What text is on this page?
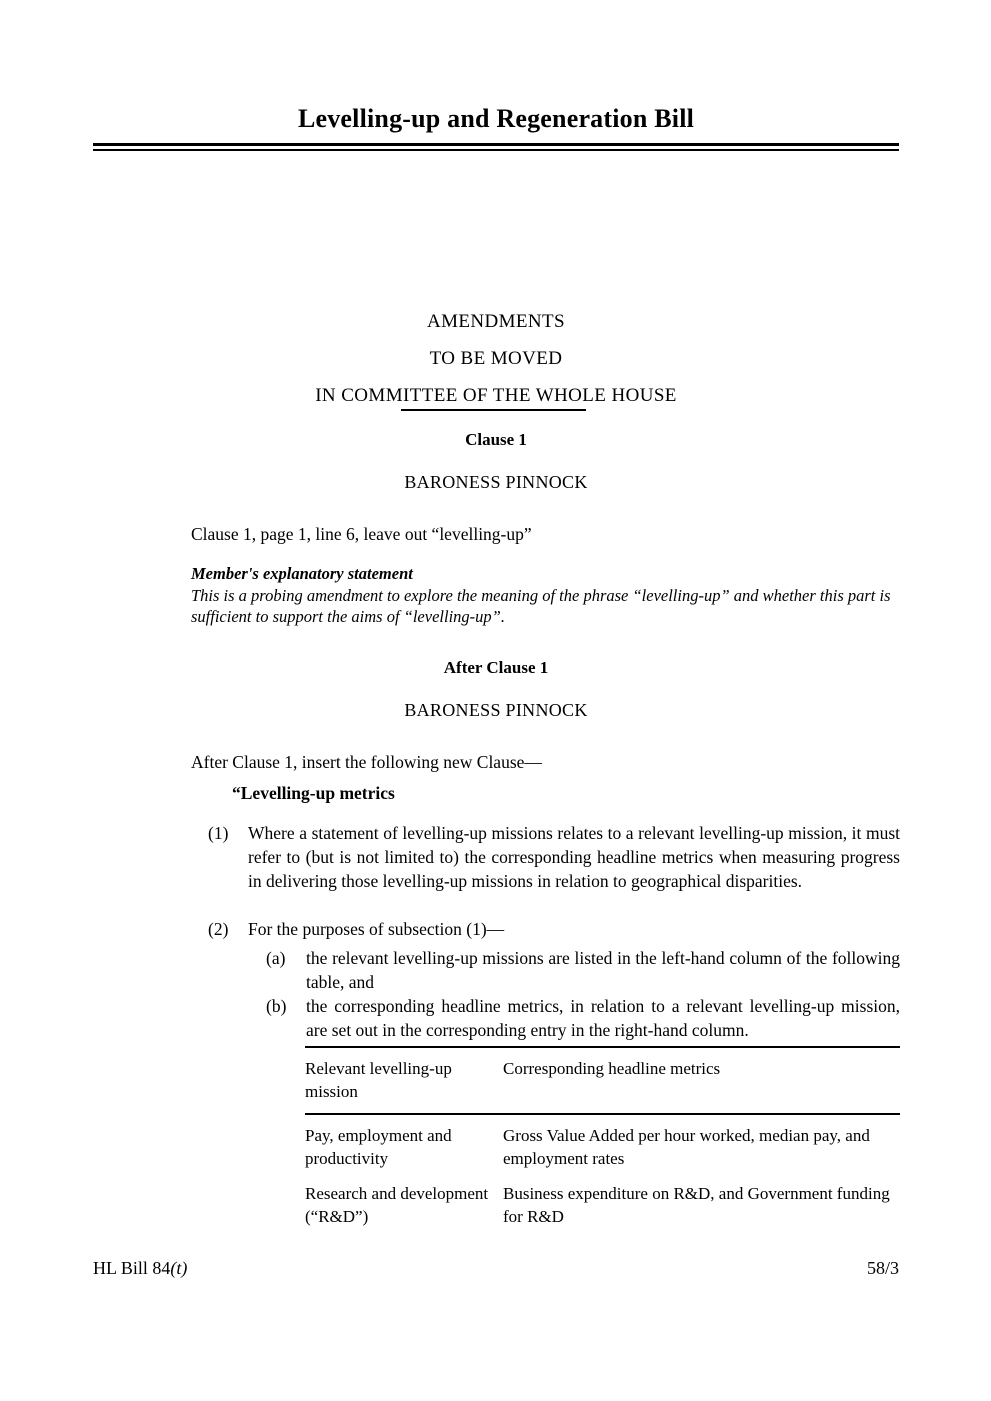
Levelling-up and Regeneration Bill
AMENDMENTS
TO BE MOVED
IN COMMITTEE OF THE WHOLE HOUSE
Clause 1
BARONESS PINNOCK
Clause 1, page 1, line 6, leave out “levelling-up”
Member's explanatory statement
This is a probing amendment to explore the meaning of the phrase “levelling-up” and whether this part is sufficient to support the aims of “levelling-up”.
After Clause 1
BARONESS PINNOCK
After Clause 1, insert the following new Clause—
“Levelling-up metrics
(1)	Where a statement of levelling-up missions relates to a relevant levelling-up mission, it must refer to (but is not limited to) the corresponding headline metrics when measuring progress in delivering those levelling-up missions in relation to geographical disparities.
(2)	For the purposes of subsection (1)—
(a)	the relevant levelling-up missions are listed in the left-hand column of the following table, and
(b)	the corresponding headline metrics, in relation to a relevant levelling-up mission, are set out in the corresponding entry in the right-hand column.
Relevant levelling-up mission	Corresponding headline metrics
Pay, employment and productivity	Gross Value Added per hour worked, median pay, and employment rates
Research and development (“R&D”)	Business expenditure on R&D, and Government funding for R&D
HL Bill 84(t)	58/3
